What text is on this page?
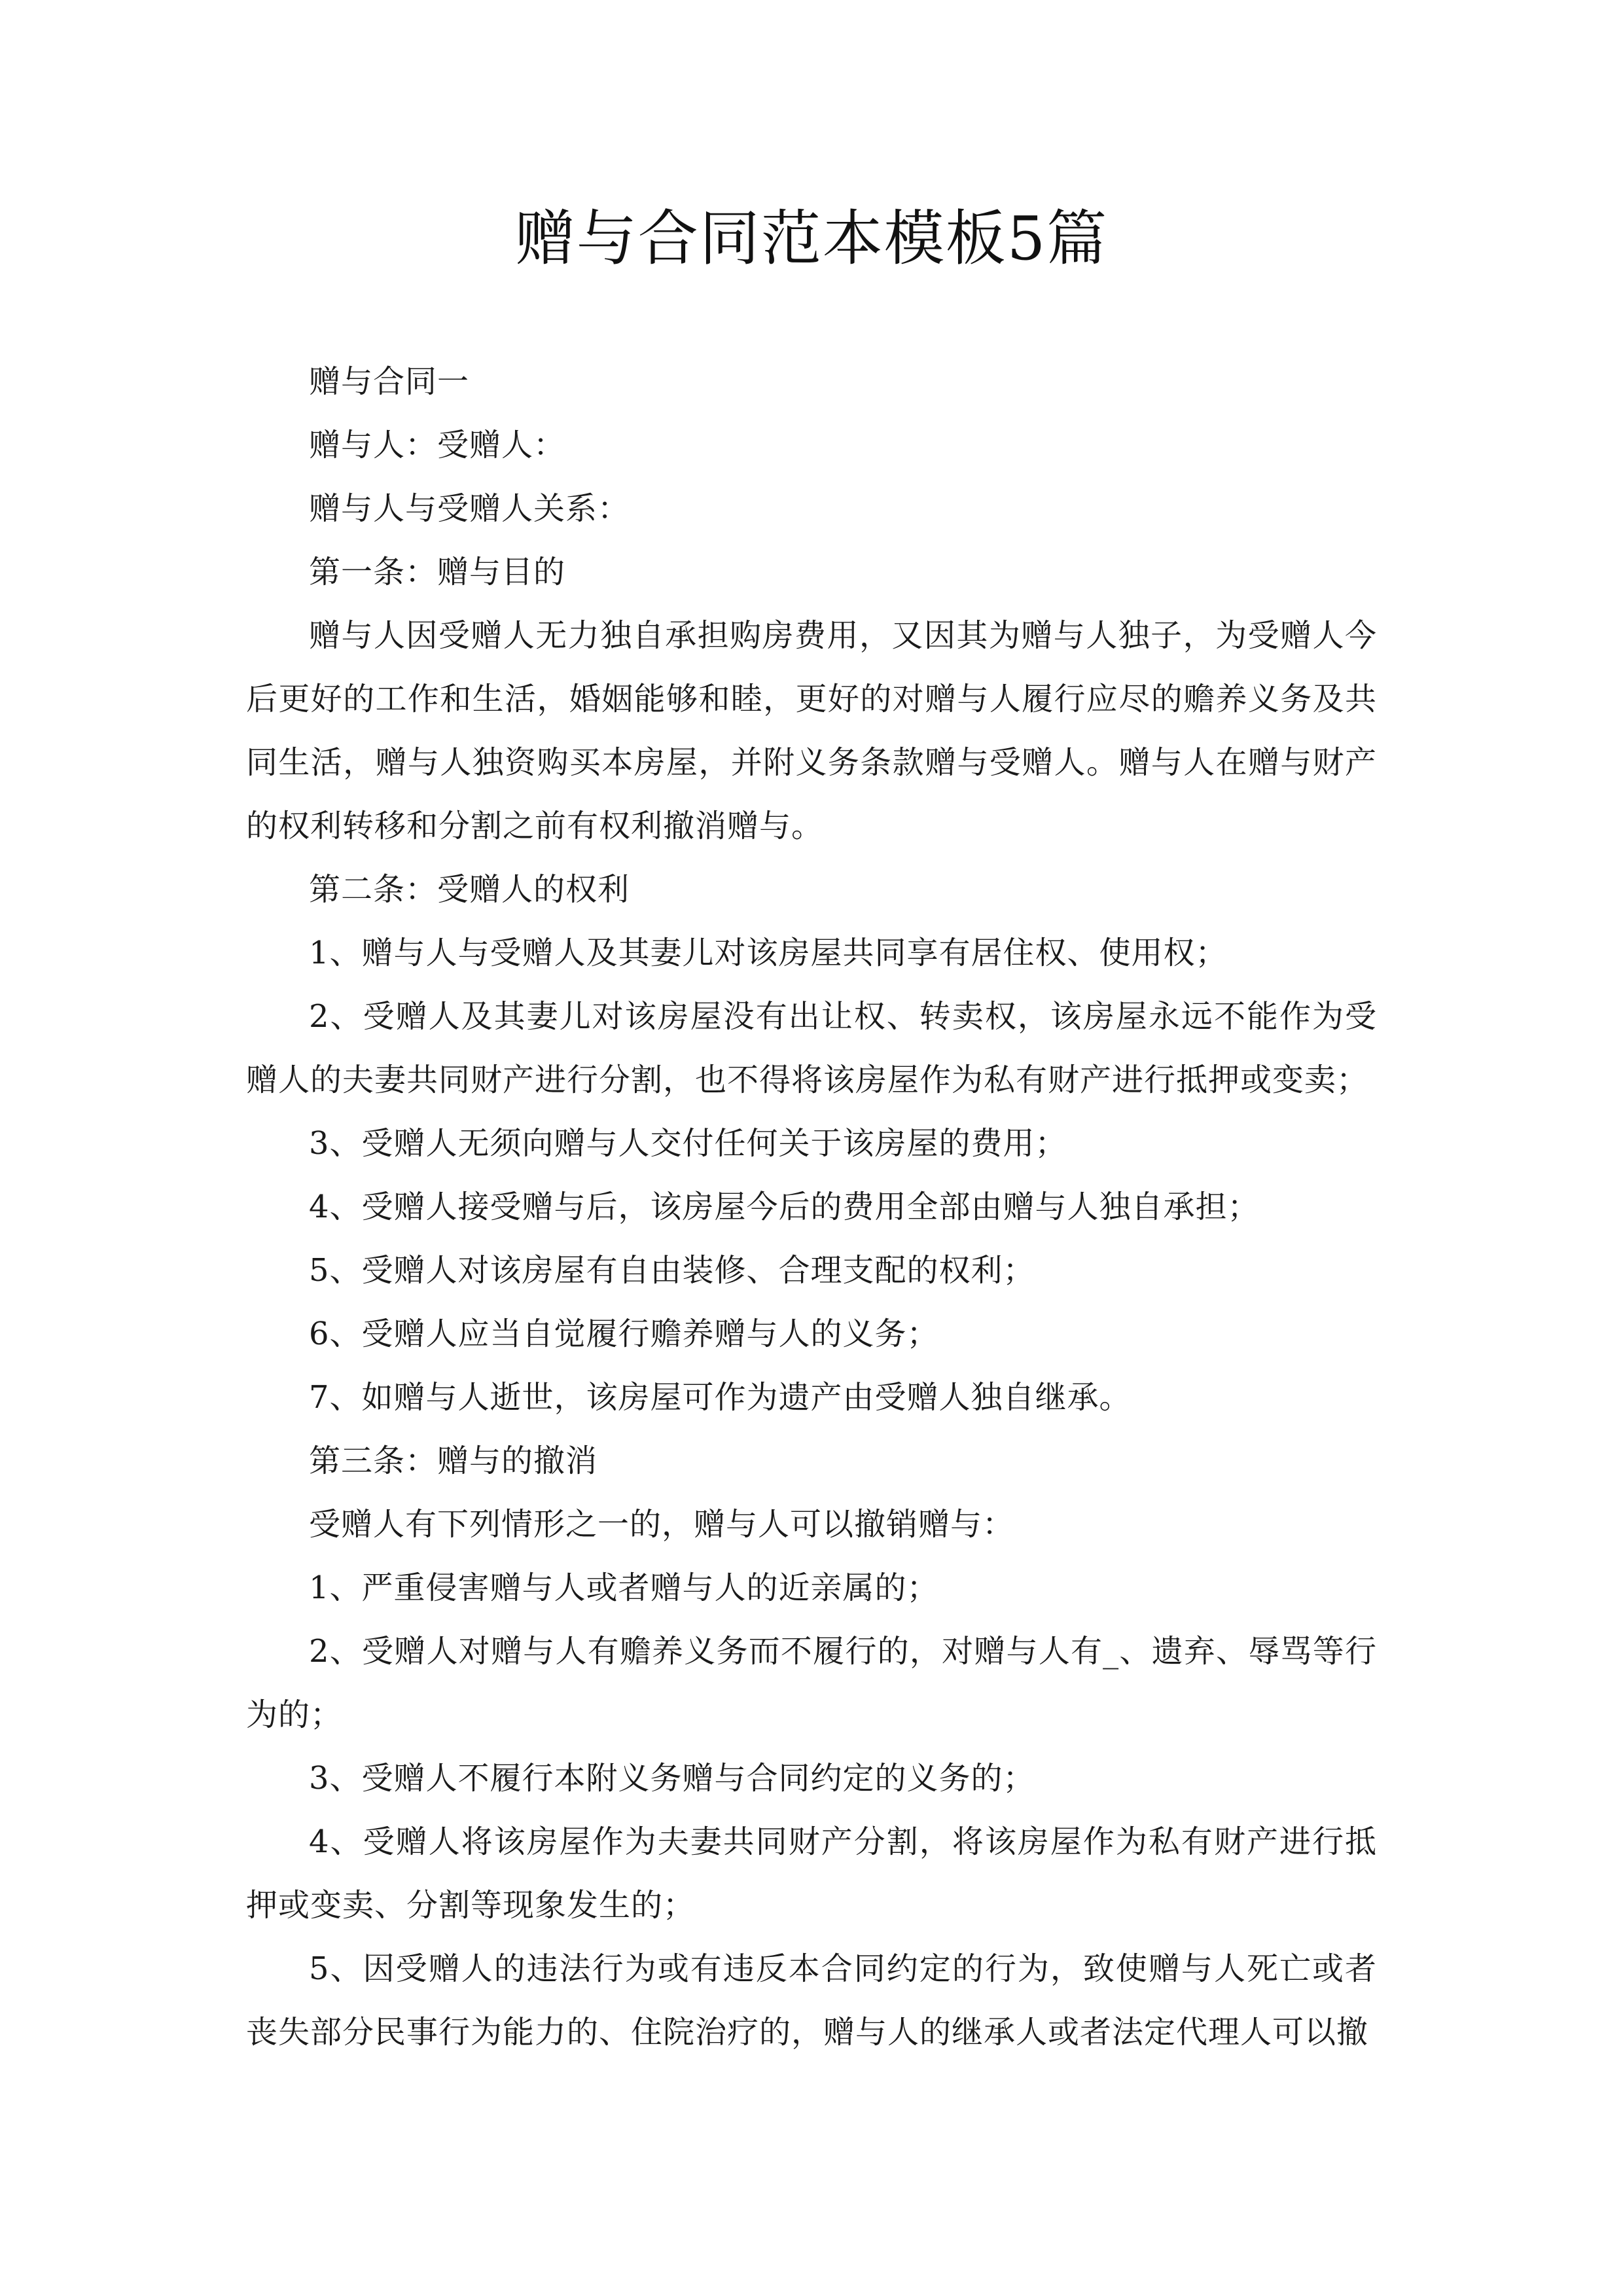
赠与合同范本模板5篇

赠与合同一

赠与人：受赠人：

赠与人与受赠人关系：

第一条：赠与目的

赠与人因受赠人无力独自承担购房费用，又因其为赠与人独子，为受赠人今后更好的工作和生活，婚姻能够和睦，更好的对赠与人履行应尽的赡养义务及共同生活，赠与人独资购买本房屋，并附义务条款赠与受赠人。赠与人在赠与财产的权利转移和分割之前有权利撤消赠与。

第二条：受赠人的权利

1、赠与人与受赠人及其妻儿对该房屋共同享有居住权、使用权；

2、受赠人及其妻儿对该房屋没有出让权、转卖权，该房屋永远不能作为受赠人的夫妻共同财产进行分割，也不得将该房屋作为私有财产进行抵押或变卖；

3、受赠人无须向赠与人交付任何关于该房屋的费用；

4、受赠人接受赠与后，该房屋今后的费用全部由赠与人独自承担；

5、受赠人对该房屋有自由装修、合理支配的权利；

6、受赠人应当自觉履行赡养赠与人的义务；

7、如赠与人逝世，该房屋可作为遗产由受赠人独自继承。

第三条：赠与的撤消

受赠人有下列情形之一的，赠与人可以撤销赠与：

1、严重侵害赠与人或者赠与人的近亲属的；

2、受赠人对赠与人有赡养义务而不履行的，对赠与人有_、遗弃、辱骂等行为的；

3、受赠人不履行本附义务赠与合同约定的义务的；

4、受赠人将该房屋作为夫妻共同财产分割，将该房屋作为私有财产进行抵押或变卖、分割等现象发生的；

5、因受赠人的违法行为或有违反本合同约定的行为，致使赠与人死亡或者丧失部分民事行为能力的、住院治疗的，赠与人的继承人或者法定代理人可以撤
